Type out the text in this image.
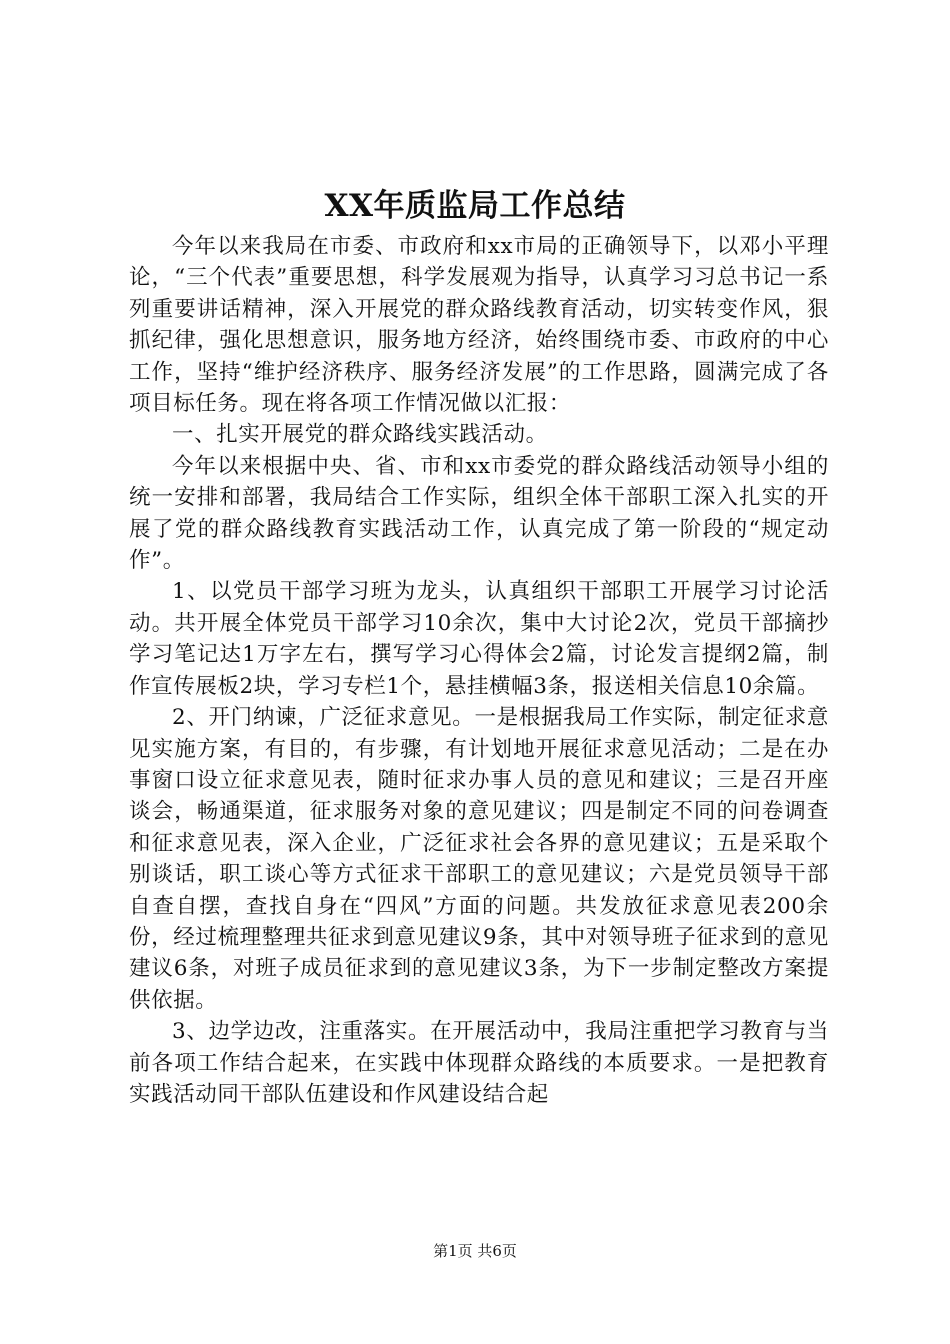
XX年质监局工作总结

今年以来我局在市委、市政府和xx市局的正确领导下，以邓小平理论，“三个代表”重要思想，科学发展观为指导，认真学习习总书记一系列重要讲话精神，深入开展党的群众路线教育活动，切实转变作风，狠抓纪律，强化思想意识，服务地方经济，始终围绕市委、市政府的中心工作，坚持“维护经济秩序、服务经济发展”的工作思路，圆满完成了各项目标任务。现在将各项工作情况做以汇报：

一、扎实开展党的群众路线实践活动。

今年以来根据中央、省、市和xx市委党的群众路线活动领导小组的统一安排和部署，我局结合工作实际，组织全体干部职工深入扎实的开展了党的群众路线教育实践活动工作，认真完成了第一阶段的“规定动作”。

1、以党员干部学习班为龙头，认真组织干部职工开展学习讨论活动。共开展全体党员干部学习10余次，集中大讨论2次，党员干部摘抄学习笔记达1万字左右，撰写学习心得体会2篇，讨论发言提纲2篇，制作宣传展板2块，学习专栏1个，悬挂横幅3条，报送相关信息10余篇。

2、开门纳谏，广泛征求意见。一是根据我局工作实际，制定征求意见实施方案，有目的，有步骤，有计划地开展征求意见活动；二是在办事窗口设立征求意见表，随时征求办事人员的意见和建议；三是召开座谈会，畅通渠道，征求服务对象的意见建议；四是制定不同的问卷调查和征求意见表，深入企业，广泛征求社会各界的意见建议；五是采取个别谈话，职工谈心等方式征求干部职工的意见建议；六是党员领导干部自查自摆，查找自身在“四风”方面的问题。共发放征求意见表200余份，经过梳理整理共征求到意见建议9条，其中对领导班子征求到的意见建议6条，对班子成员征求到的意见建议3条，为下一步制定整改方案提供依据。

3、边学边改，注重落实。在开展活动中，我局注重把学习教育与当前各项工作结合起来，在实践中体现群众路线的本质要求。一是把教育实践活动同干部队伍建设和作风建设结合起

第1页 共6页
